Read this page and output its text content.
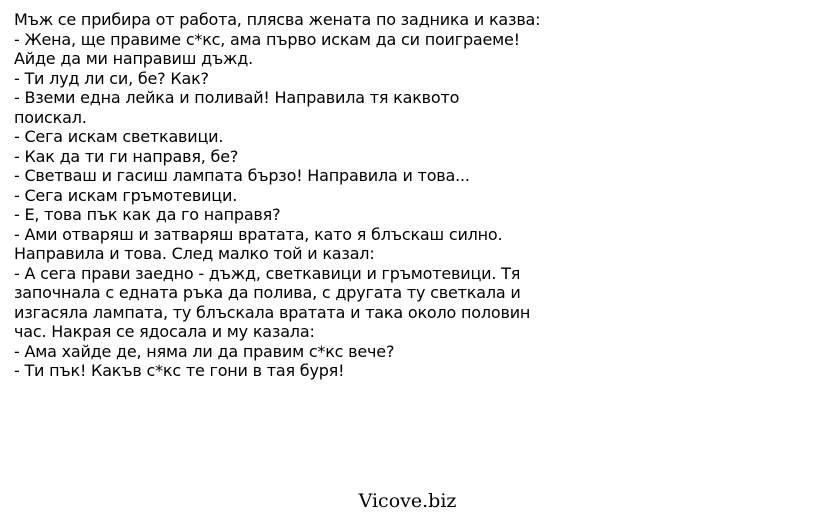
Мъж се прибира от работа, плясва жената по задника и казва:
- Жена, ще правиме с*кс, ама първо искам да си поиграеме!
Айде да ми направиш дъжд.
- Ти луд ли си, бе? Как?
- Вземи една лейка и поливай! Направила тя каквото
поискал.
- Сега искам светкавици.
- Как да ти ги направя, бе?
- Светваш и гасиш лампата бързо! Направила и това...
- Сега искам гръмотевици.
- Е, това пък как да го направя?
- Ами отваряш и затваряш вратата, като я блъскаш силно.
Направила и това. След малко той и казал:
- А сега прави заедно - дъжд, светкавици и гръмотевици. Тя
започнала с едната ръка да полива, с другата ту светкала и
изгасяла лампата, ту блъскала вратата и така около половин
час. Накрая се ядосала и му казала:
- Ама хайде де, няма ли да правим с*кс вече?
- Ти пък! Какъв с*кс те гони в тая буря!
Vicove.biz
